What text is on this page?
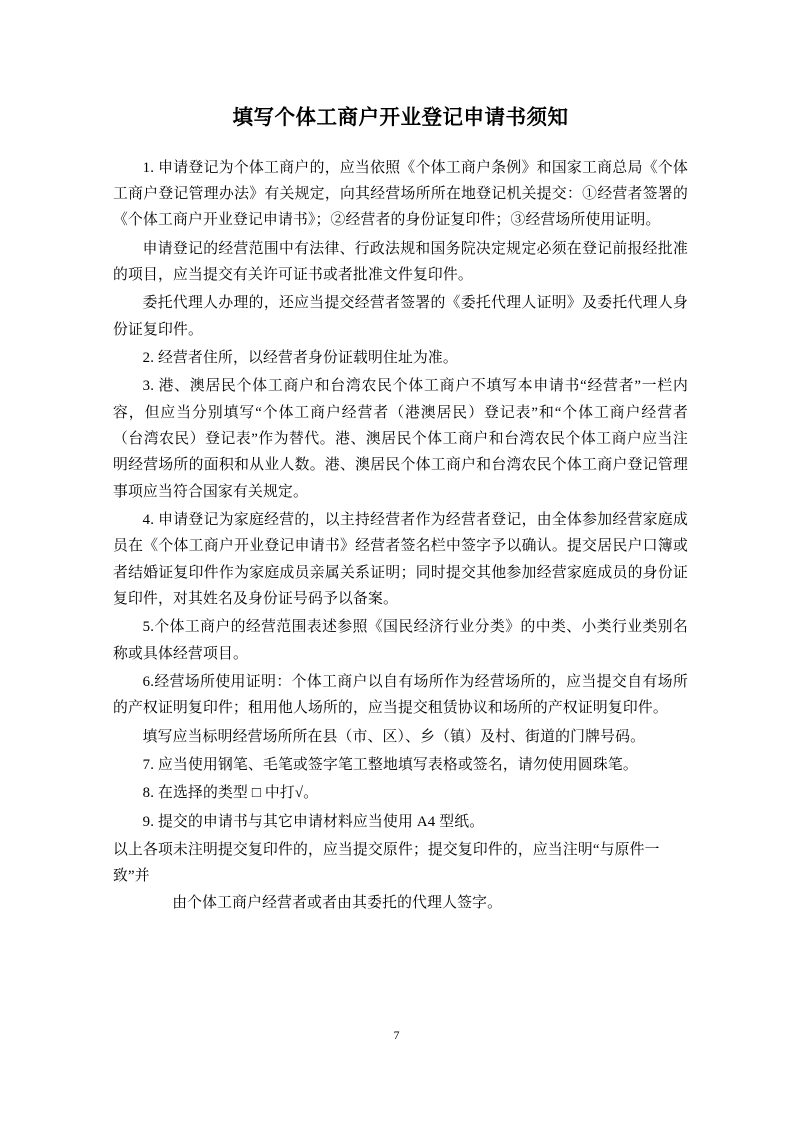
填写个体工商户开业登记申请书须知

1. 申请登记为个体工商户的，应当依照《个体工商户条例》和国家工商总局《个体工商户登记管理办法》有关规定，向其经营场所所在地登记机关提交：①经营者签署的《个体工商户开业登记申请书》；②经营者的身份证复印件；③经营场所使用证明。

申请登记的经营范围中有法律、行政法规和国务院决定规定必须在登记前报经批准的项目，应当提交有关许可证书或者批准文件复印件。

委托代理人办理的，还应当提交经营者签署的《委托代理人证明》及委托代理人身份证复印件。

2. 经营者住所，以经营者身份证载明住址为准。

3. 港、澳居民个体工商户和台湾农民个体工商户不填写本申请书“经营者”一栏内容，但应当分别填写“个体工商户经营者（港澳居民）登记表”和“个体工商户经营者（台湾农民）登记表”作为替代。港、澳居民个体工商户和台湾农民个体工商户应当注明经营场所的面积和从业人数。港、澳居民个体工商户和台湾农民个体工商户登记管理事项应当符合国家有关规定。

4. 申请登记为家庭经营的，以主持经营者作为经营者登记，由全体参加经营家庭成员在《个体工商户开业登记申请书》经营者签名栏中签字予以确认。提交居民户口簿或者结婚证复印件作为家庭成员亲属关系证明；同时提交其他参加经营家庭成员的身份证复印件，对其姓名及身份证号码予以备案。

5.个体工商户的经营范围表述参照《国民经济行业分类》的中类、小类行业类别名称或具体经营项目。

6.经营场所使用证明：个体工商户以自有场所作为经营场所的，应当提交自有场所的产权证明复印件；租用他人场所的，应当提交租赁协议和场所的产权证明复印件。

填写应当标明经营场所所在县（市、区）、乡（镇）及村、街道的门牌号码。

7. 应当使用钢笔、毛笔或签字笔工整地填写表格或签名，请勿使用圆珠笔。

8. 在选择的类型 □ 中打√。

9. 提交的申请书与其它申请材料应当使用 A4 型纸。

以上各项未注明提交复印件的，应当提交原件；提交复印件的，应当注明“与原件一致”并

由个体工商户经营者或者由其委托的代理人签字。

7
